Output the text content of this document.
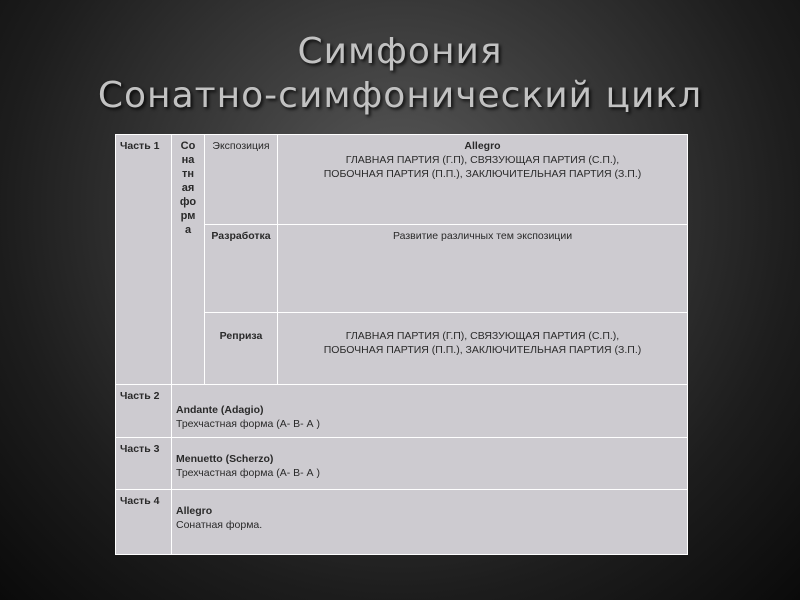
Симфония
Сонатно-симфонический цикл
Часть 1	Сонатная форма	Экспозиция	Allegro
ГЛАВНАЯ ПАРТИЯ (Г.П), СВЯЗУЮЩАЯ ПАРТИЯ (С.П.),
ПОБОЧНАЯ ПАРТИЯ (П.П.), ЗАКЛЮЧИТЕЛЬНАЯ ПАРТИЯ (З.П.)

		Разработка	Развитие различных тем экспозиции

		Реприза	ГЛАВНАЯ ПАРТИЯ (Г.П), СВЯЗУЮЩАЯ ПАРТИЯ (С.П.),
ПОБОЧНАЯ ПАРТИЯ (П.П.), ЗАКЛЮЧИТЕЛЬНАЯ ПАРТИЯ (З.П.)

Часть 2	Andante (Adagio)
Трехчастная форма (А- В- А )		

Часть 3	Menuetto (Scherzo)
Трехчастная форма (А- В- А )		

Часть 4	Allegro
Сонатная форма.		
